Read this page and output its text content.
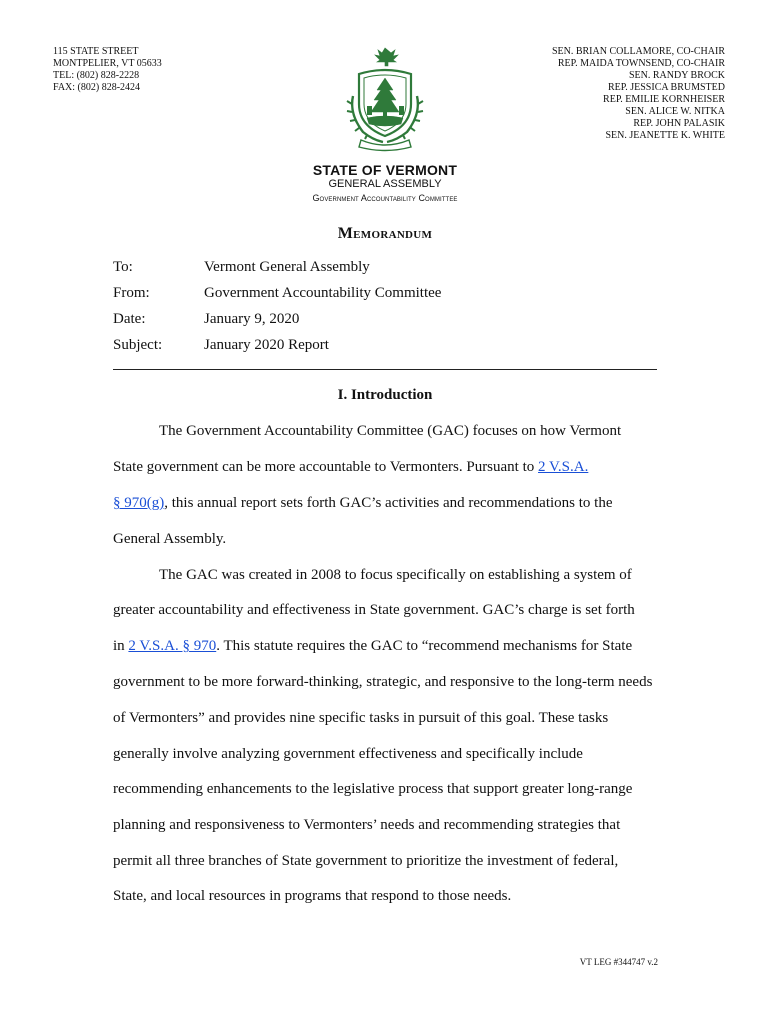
115 STATE STREET
MONTPELIER, VT 05633
TEL: (802) 828-2228
FAX: (802) 828-2424
SEN. BRIAN COLLAMORE, CO-CHAIR
REP. MAIDA TOWNSEND, CO-CHAIR
SEN. RANDY BROCK
REP. JESSICA BRUMSTED
REP. EMILIE KORNHEISER
SEN. ALICE W. NITKA
REP. JOHN PALASIK
SEN. JEANETTE K. WHITE
STATE OF VERMONT
GENERAL ASSEMBLY
Government Accountability Committee
Memorandum
To:	Vermont General Assembly
From:	Government Accountability Committee
Date:	January 9, 2020
Subject:	January 2020 Report
I. Introduction
The Government Accountability Committee (GAC) focuses on how Vermont
State government can be more accountable to Vermonters. Pursuant to 2 V.S.A.
§ 970(g), this annual report sets forth GAC’s activities and recommendations to the
General Assembly.
The GAC was created in 2008 to focus specifically on establishing a system of
greater accountability and effectiveness in State government. GAC’s charge is set forth
in 2 V.S.A. § 970. This statute requires the GAC to “recommend mechanisms for State
government to be more forward-thinking, strategic, and responsive to the long-term needs
of Vermonters” and provides nine specific tasks in pursuit of this goal. These tasks
generally involve analyzing government effectiveness and specifically include
recommending enhancements to the legislative process that support greater long-range
planning and responsiveness to Vermonters’ needs and recommending strategies that
permit all three branches of State government to prioritize the investment of federal,
State, and local resources in programs that respond to those needs.
VT LEG #344747 v.2
